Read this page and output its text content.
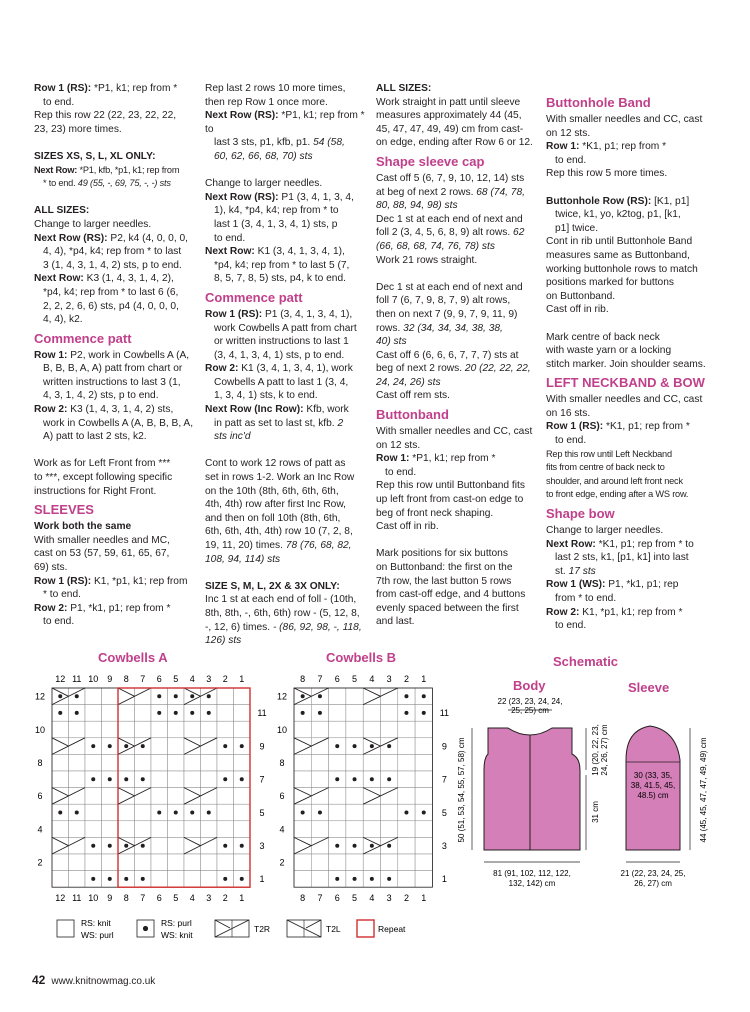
Row 1 (RS): *P1, k1; rep from *

to end.

Rep this row 22 (22, 23, 22, 22,

23, 23) more times.

SIZES XS, S, L, XL ONLY:

Next Row: *P1, kfb, *p1, k1; rep from

* to end. 49 (55, -, 69, 75, -, -) sts

ALL SIZES:

Change to larger needles.

Next Row (RS): P2, k4 (4, 0, 0, 0,

4, 4), *p4, k4; rep from * to last

3 (1, 4, 3, 1, 4, 2) sts, p to end.

Next Row: K3 (1, 4, 3, 1, 4, 2),

*p4, k4; rep from * to last 6 (6,

2, 2, 2, 6, 6) sts, p4 (4, 0, 0, 0,

4, 4), k2.

Commence patt

Row 1: P2, work in Cowbells A (A,

B, B, B, A, A) patt from chart or

written instructions to last 3 (1,

4, 3, 1, 4, 2) sts, p to end.

Row 2: K3 (1, 4, 3, 1, 4, 2) sts,

work in Cowbells A (A, B, B, B, A,

A) patt to last 2 sts, k2.

Work as for Left Front from ***

to ***, except following specific

instructions for Right Front.

SLEEVES

Work both the same

With smaller needles and MC,

cast on 53 (57, 59, 61, 65, 67,

69) sts.

Row 1 (RS): K1, *p1, k1; rep from

* to end.

Row 2: P1, *k1, p1; rep from *

to end.

Rep last 2 rows 10 more times,

then rep Row 1 once more.

Next Row (RS): *P1, k1; rep from * to

last 3 sts, p1, kfb, p1. 54 (58,

60, 62, 66, 68, 70) sts

Change to larger needles.

Next Row (RS): P1 (3, 4, 1, 3, 4,

1), k4, *p4, k4; rep from * to

last 1 (3, 4, 1, 3, 4, 1) sts, p

to end.

Next Row: K1 (3, 4, 1, 3, 4, 1),

*p4, k4; rep from * to last 5 (7,

8, 5, 7, 8, 5) sts, p4, k to end.

Commence patt

Row 1 (RS): P1 (3, 4, 1, 3, 4, 1),

work Cowbells A patt from chart

or written instructions to last 1

(3, 4, 1, 3, 4, 1) sts, p to end.

Row 2: K1 (3, 4, 1, 3, 4, 1), work

Cowbells A patt to last 1 (3, 4,

1, 3, 4, 1) sts, k to end.

Next Row (Inc Row): Kfb, work

in patt as set to last st, kfb. 2

sts inc'd

Cont to work 12 rows of patt as

set in rows 1-2. Work an Inc Row

on the 10th (8th, 6th, 6th, 6th,

4th, 4th) row after first Inc Row,

and then on foll 10th (8th, 6th,

6th, 6th, 4th, 4th) row 10 (7, 2, 8,

19, 11, 20) times. 78 (76, 68, 82,

108, 94, 114) sts

SIZE S, M, L, 2X & 3X ONLY:

Inc 1 st at each end of foll - (10th,

8th, 8th, -, 6th, 6th) row - (5, 12, 8,

-, 12, 6) times. - (86, 92, 98, -, 118,

126) sts

ALL SIZES:

Work straight in patt until sleeve

measures approximately 44 (45,

45, 47, 47, 49, 49) cm from cast-

on edge, ending after Row 6 or 12.

Shape sleeve cap

Cast off 5 (6, 7, 9, 10, 12, 14) sts

at beg of next 2 rows. 68 (74, 78,

80, 88, 94, 98) sts

Dec 1 st at each end of next and

foll 2 (3, 4, 5, 6, 8, 9) alt rows. 62

(66, 68, 68, 74, 76, 78) sts

Work 21 rows straight.

Dec 1 st at each end of next and

foll 7 (6, 7, 9, 8, 7, 9) alt rows,

then on next 7 (9, 9, 7, 9, 11, 9)

rows. 32 (34, 34, 34, 38, 38,

40) sts

Cast off 6 (6, 6, 6, 7, 7, 7) sts at

beg of next 2 rows. 20 (22, 22, 22,

24, 24, 26) sts

Cast off rem sts.

Buttonband

With smaller needles and CC, cast

on 12 sts.

Row 1: *P1, k1; rep from *

to end.

Rep this row until Buttonband fits

up left front from cast-on edge to

beg of front neck shaping.

Cast off in rib.

Mark positions for six buttons

on Buttonband: the first on the

7th row, the last button 5 rows

from cast-off edge, and 4 buttons

evenly spaced between the first

and last.

Buttonhole Band

With smaller needles and CC, cast

on 12 sts.

Row 1: *K1, p1; rep from *

to end.

Rep this row 5 more times.

Buttonhole Row (RS): [K1, p1]

twice, k1, yo, k2tog, p1, [k1,

p1] twice.

Cont in rib until Buttonhole Band

measures same as Buttonband,

working buttonhole rows to match

positions marked for buttons

on Buttonband.

Cast off in rib.

Mark centre of back neck

with waste yarn or a locking

stitch marker. Join shoulder seams.

LEFT NECKBAND & BOW

With smaller needles and CC, cast

on 16 sts.

Row 1 (RS): *K1, p1; rep from *

to end.

Rep this row until Left Neckband

fits from centre of back neck to

shoulder, and around left front neck

to front edge, ending after a WS row.

Shape bow

Change to larger needles.

Next Row: *K1, p1; rep from * to

last 2 sts, k1, [p1, k1] into last

st. 17 sts

Row 1 (WS): P1, *k1, p1; rep

from * to end.

Row 2: K1, *p1, k1; rep from *

to end.

Cowbells A	Cowbells B
12 11 10 9 8 7 6 5 4 3 2 1
12
10
8
6
4
2
11
9
7
5
3
1
12 11 10 9 8 7 6 5 4 3 2 1
8 7 6 5 4 3 2 1
12
10
8
6
4
2
11
9
7
5
3
1
8 7 6 5 4 3 2 1
Schematic
Body	Sleeve
22 (23, 23, 24, 24,
25, 25) cm
19 (20, 22, 23, 24, 26, 27) cm
31 cm
50 (51, 53, 54, 55, 57, 58) cm
81 (91, 102, 112, 122,
132, 142) cm
30 (33, 35,
38, 41.5, 45,
48.5) cm	44 (45, 45, 47, 47, 49, 49) cm
21 (22, 23, 24, 25,
26, 27) cm
RS: knit
WS: purl
RS: purl
WS: knit
T2R	T2L	Repeat
42 www.knitnowmag.co.uk
